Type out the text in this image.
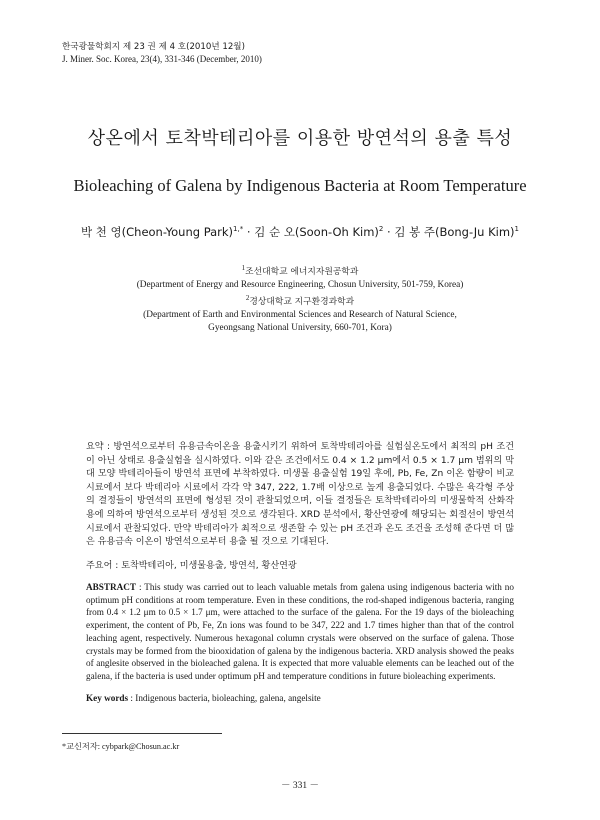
한국광물학회지 제 23 권 제 4 호(2010년 12월)
J. Miner. Soc. Korea, 23(4), 331-346 (December, 2010)
상온에서 토착박테리아를 이용한 방연석의 용출 특성
Bioleaching of Galena by Indigenous Bacteria at Room Temperature
박 천 영(Cheon-Young Park)$^{1,*}$ · 김 순 오(Soon-Oh Kim)$^2$ · 김 봉 주(Bong-Ju Kim)$^1$
$^1$조선대학교 에너지자원공학과
(Department of Energy and Resource Engineering, Chosun University, 501-759, Korea)
$^2$경상대학교 지구환경과학과
(Department of Earth and Environmental Sciences and Research of Natural Science,
Gyeongsang National University, 660-701, Kora)
요약 : 방연석으로부터 유용금속이온을 용출시키기 위하여 토착박테리아를 실험실온도에서 최적의 pH 조건이 아닌 상태로 용출실험을 실시하였다. 이와 같은 조건에서도 0.4 × 1.2 μm에서 0.5 × 1.7 μm 범위의 막대 모양 박테리아들이 방연석 표면에 부착하였다. 미생물 용출실험 19일 후에, Pb, Fe, Zn 이온 함량이 비교시료에서 보다 박테리아 시료에서 각각 약 347, 222, 1.7배 이상으로 높게 용출되었다. 수많은 육각형 주상의 결정들이 방연석의 표면에 형성된 것이 관찰되었으며, 이들 결정들은 토착박테리아의 미생물학적 산화작용에 의하여 방연석으로부터 생성된 것으로 생각된다. XRD 분석에서, 황산연광에 해당되는 회절선이 방연석 시료에서 관찰되었다. 만약 박테리아가 최적으로 생존할 수 있는 pH 조건과 온도 조건을 조성해 준다면 더 많은 유용금속 이온이 방연석으로부터 용출 될 것으로 기대된다.
주요어 : 토착박테리아, 미생물용출, 방연석, 황산연광
ABSTRACT : This study was carried out to leach valuable metals from galena using indigenous bacteria with no optimum pH conditions at room temperature. Even in these conditions, the rod-shaped indigenous bacteria, ranging from 0.4 × 1.2 μm to 0.5 × 1.7 μm, were attached to the surface of the galena. For the 19 days of the bioleaching experiment, the content of Pb, Fe, Zn ions was found to be 347, 222 and 1.7 times higher than that of the control leaching agent, respectively. Numerous hexagonal column crystals were observed on the surface of galena. Those crystals may be formed from the biooxidation of galena by the indigenous bacteria. XRD analysis showed the peaks of anglesite observed in the bioleached galena. It is expected that more valuable elements can be leached out of the galena, if the bacteria is used under optimum pH and temperature conditions in future bioleaching experiments.
Key words : Indigenous bacteria, bioleaching, galena, angelsite
*교신저자: cybpark@Chosun.ac.kr
－ 331 －
